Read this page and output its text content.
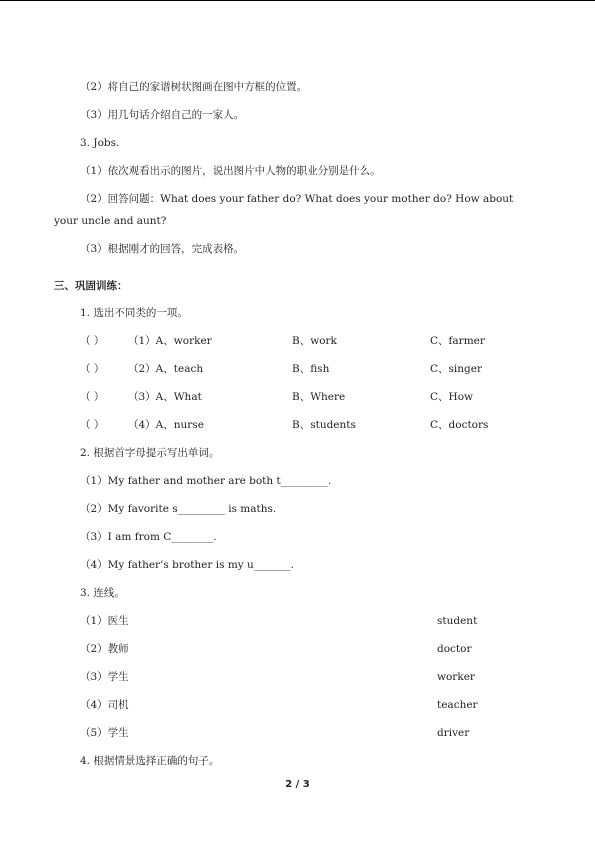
（2）将自己的家谱树状图画在图中方框的位置。
（3）用几句话介绍自己的一家人。
3. Jobs.
（1）依次观看出示的图片，说出图片中人物的职业分别是什么。
（2）回答问题：What does your father do? What does your mother do? How about
your uncle and aunt?
（3）根据刚才的回答，完成表格。
三、巩固训练：
1. 选出不同类的一项。
（ ） （1）A、worker	B、work	C、farmer
（ ） （2）A、teach	B、fish	C、singer
（ ） （3）A、What	B、Where	C、How
（ ） （4）A、nurse	B、students	C、doctors
2. 根据首字母提示写出单词。
（1）My father and mother are both t_________.
（2）My favorite s_________ is maths.
（3）I am from C________.
（4）My father’s brother is my u_______.
3. 连线。
（1）医生	student
（2）教师	doctor
（3）学生	worker
（4）司机	teacher
（5）学生	driver
4. 根据情景选择正确的句子。
2 / 3
